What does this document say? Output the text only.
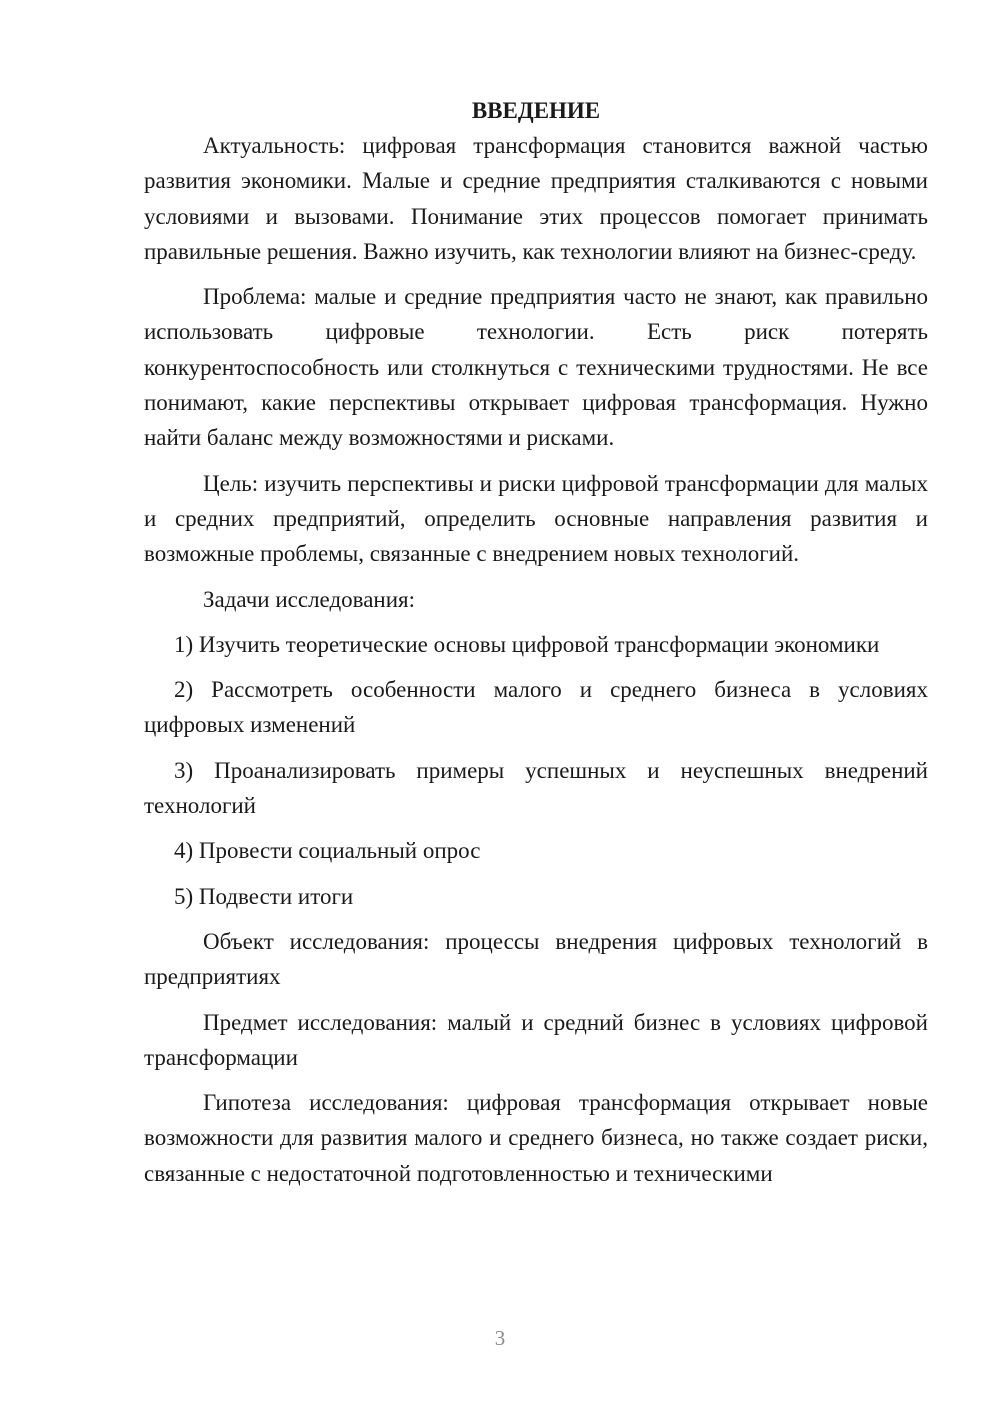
ВВЕДЕНИЕ

Актуальность: цифровая трансформация становится важной частью развития экономики. Малые и средние предприятия сталкиваются с новыми условиями и вызовами. Понимание этих процессов помогает принимать правильные решения. Важно изучить, как технологии влияют на бизнес-среду.

Проблема: малые и средние предприятия часто не знают, как правильно использовать цифровые технологии. Есть риск потерять конкурентоспособность или столкнуться с техническими трудностями. Не все понимают, какие перспективы открывает цифровая трансформация. Нужно найти баланс между возможностями и рисками.

Цель: изучить перспективы и риски цифровой трансформации для малых и средних предприятий, определить основные направления развития и возможные проблемы, связанные с внедрением новых технологий.

Задачи исследования:

1) Изучить теоретические основы цифровой трансформации экономики

2) Рассмотреть особенности малого и среднего бизнеса в условиях цифровых изменений

3) Проанализировать примеры успешных и неуспешных внедрений технологий

4) Провести социальный опрос

5) Подвести итоги

Объект исследования: процессы внедрения цифровых технологий в предприятиях

Предмет исследования: малый и средний бизнес в условиях цифровой трансформации

Гипотеза исследования: цифровая трансформация открывает новые возможности для развития малого и среднего бизнеса, но также создает риски, связанные с недостаточной подготовленностью и техническими

3
